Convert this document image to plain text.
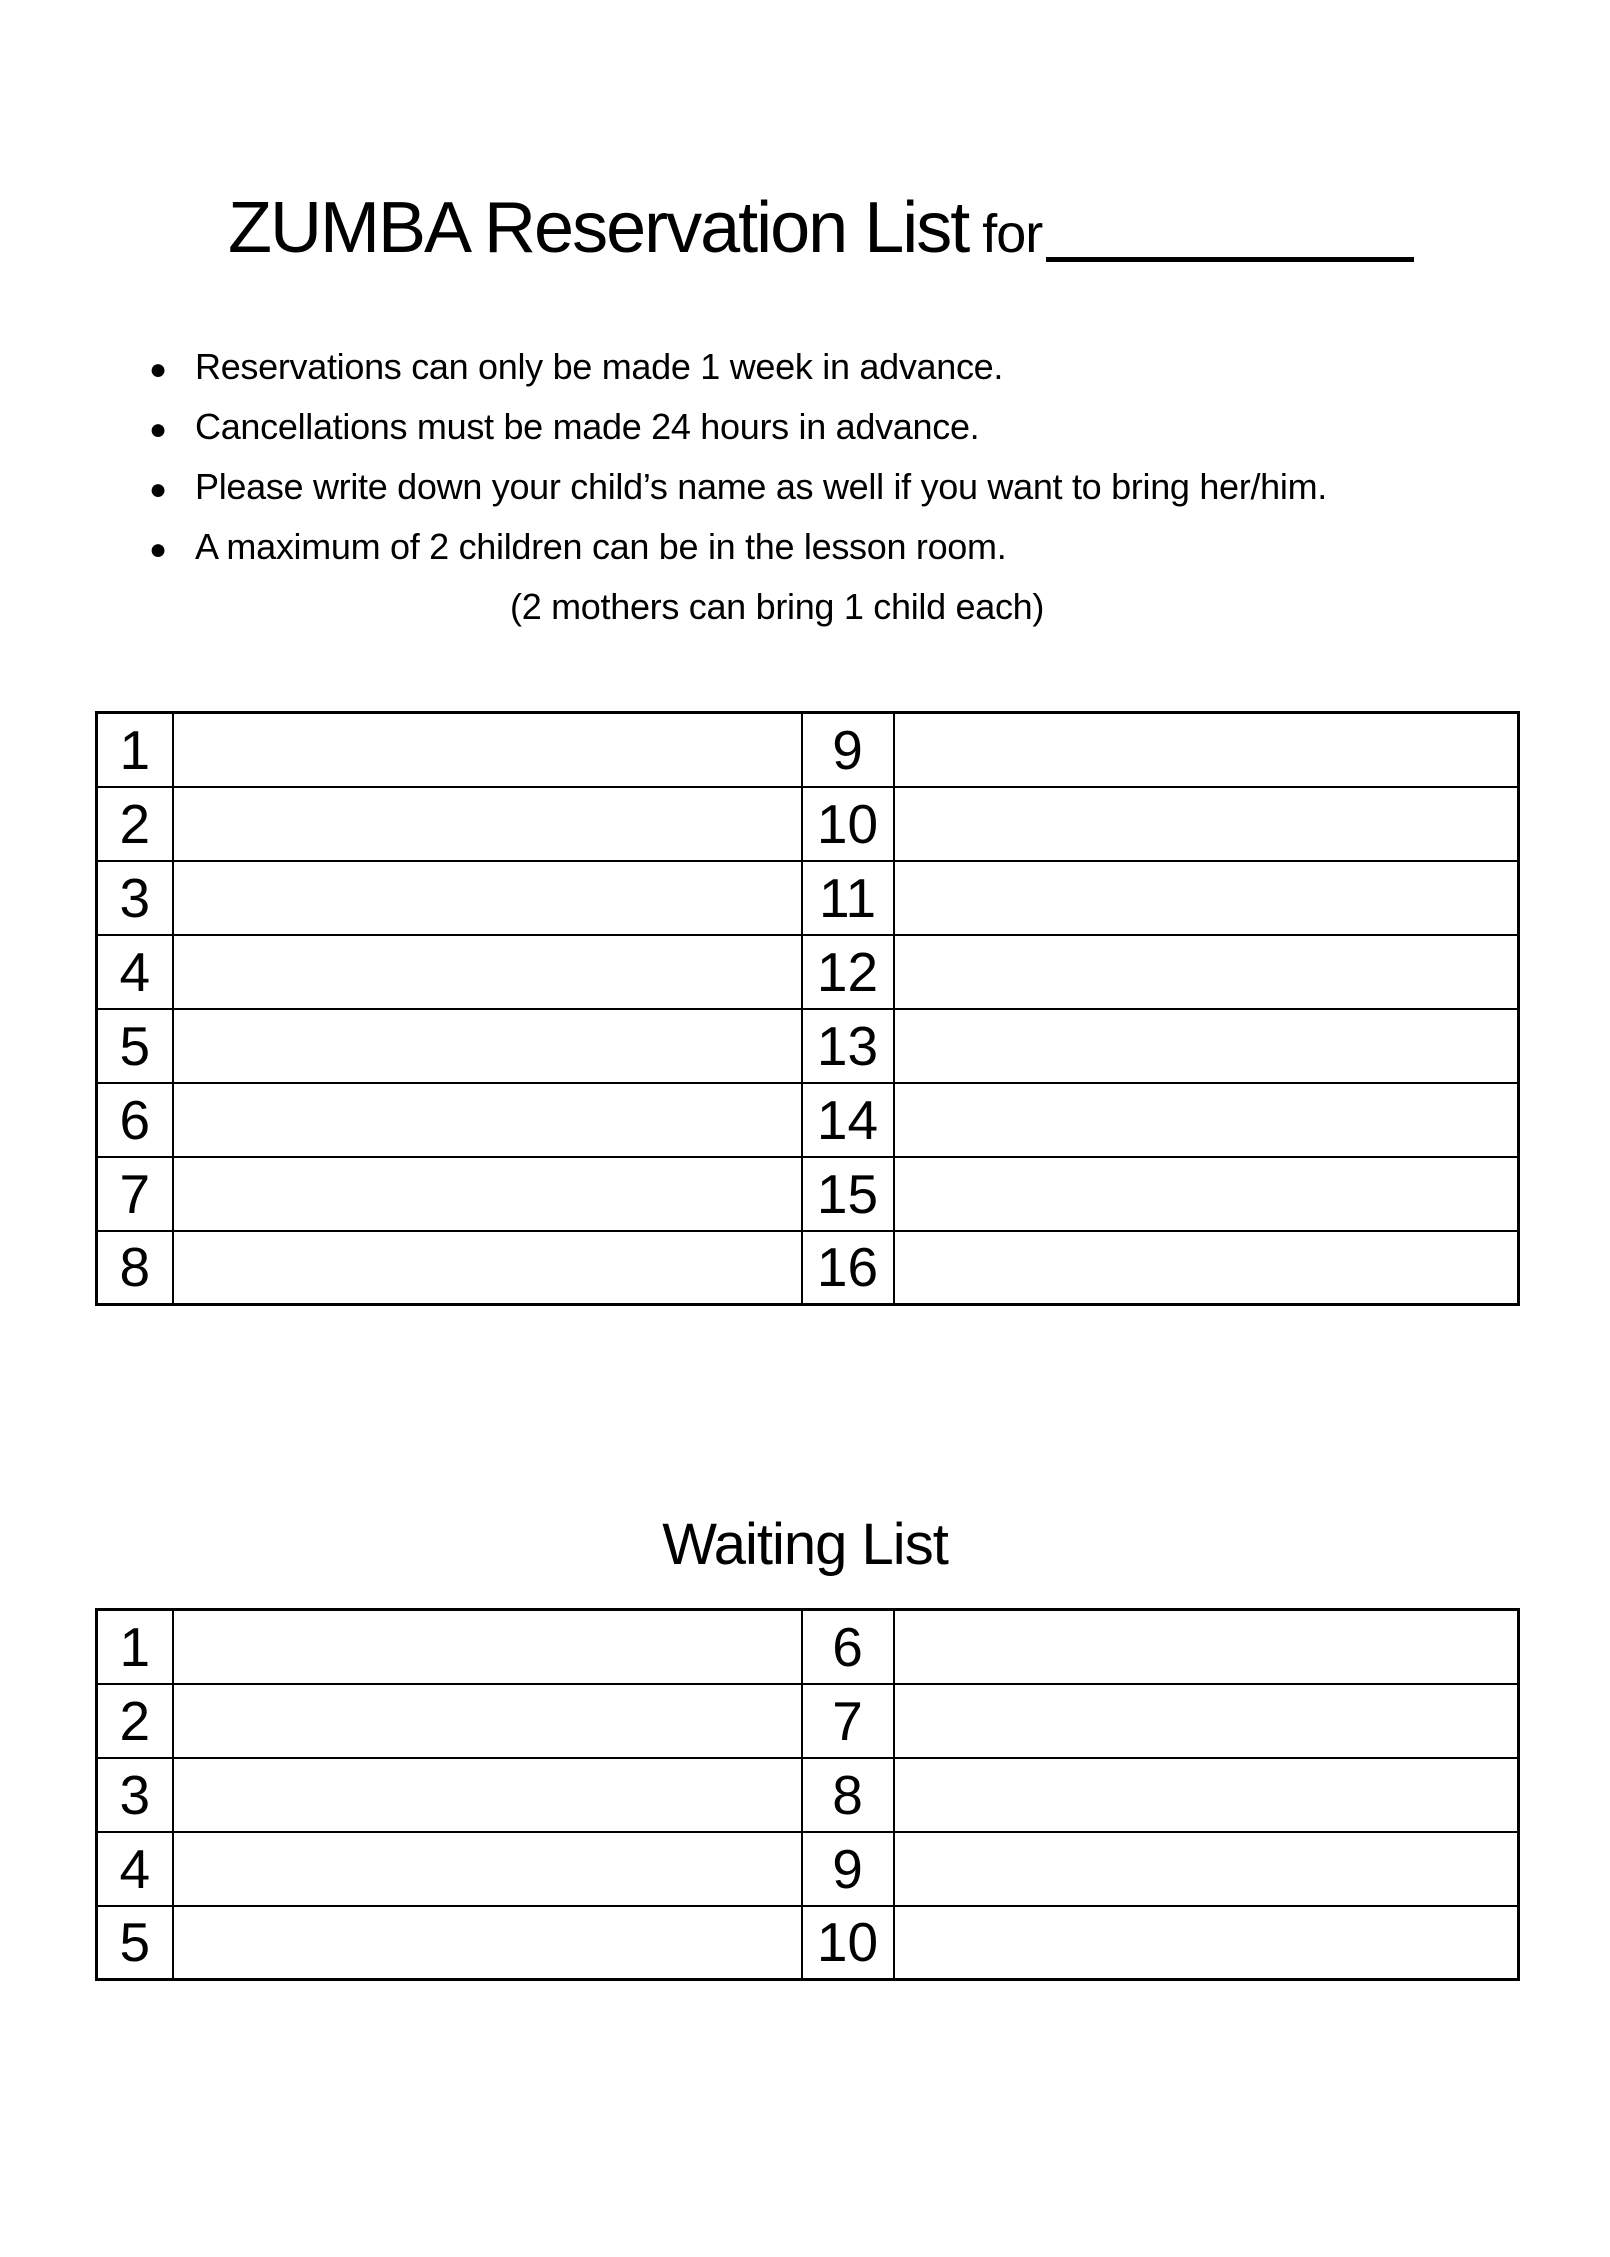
ZUMBA Reservation List for
● Reservations can only be made 1 week in advance.
● Cancellations must be made 24 hours in advance.
● Please write down your child’s name as well if you want to bring her/him.
● A maximum of 2 children can be in the lesson room.
(2 mothers can bring 1 child each)
1		9	
2		10	
3		11	
4		12	
5		13	
6		14	
7		15	
8		16	
Waiting List
1		6	
2		7	
3		8	
4		9	
5		10	
